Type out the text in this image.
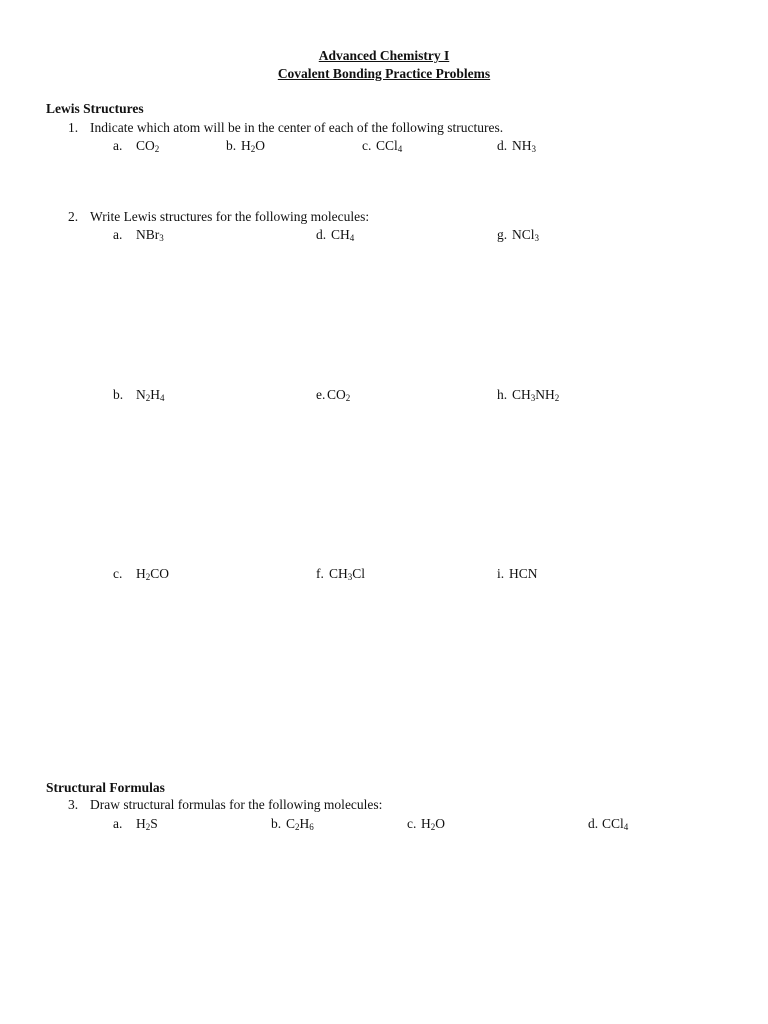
Advanced Chemistry I
Covalent Bonding Practice Problems
Lewis Structures
1. Indicate which atom will be in the center of each of the following structures.
a. $CO_2$	b. $H_2O$	c. CCl$_4$	d. $NH_3$
2. Write Lewis structures for the following molecules:
a. NBr$_3$	d. $CH_4$	g. NCl$_3$
b. $N_2H_4$	e. $CO_2$	h. $CH_3NH_2$
c. $H_2CO$	f. $CH_3Cl$	i. HCN
Structural Formulas
3. Draw structural formulas for the following molecules:
a. $H_2S$	b. $C_2H_6$	c. $H_2O$	d. CCl$_4$
